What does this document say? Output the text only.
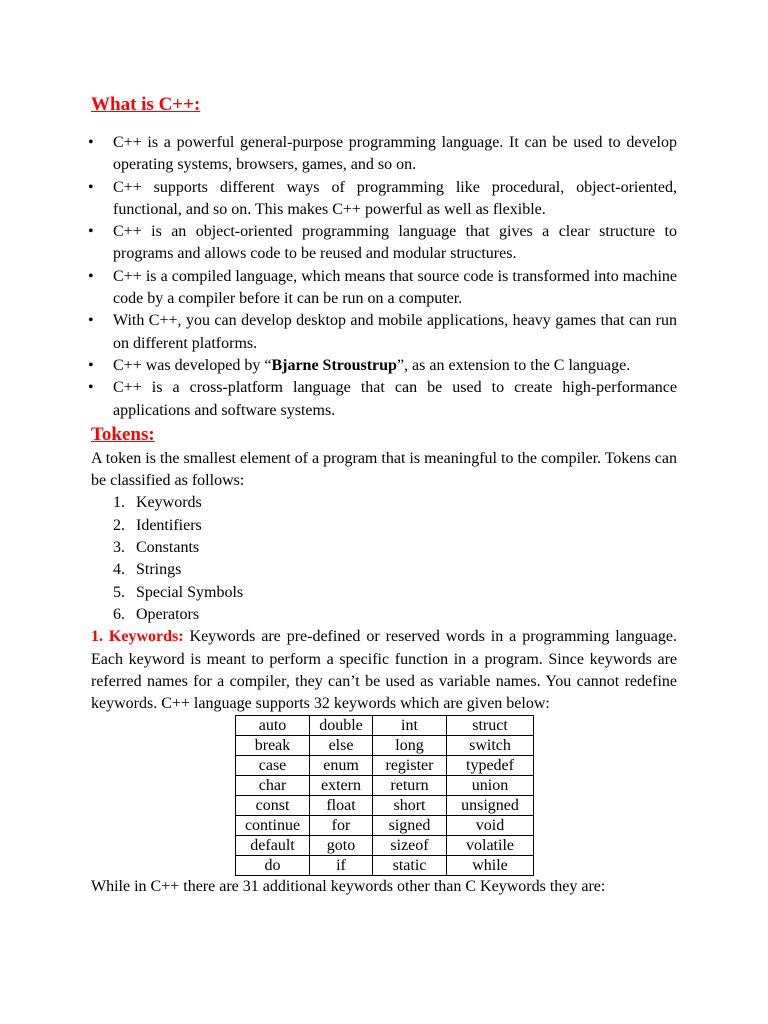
What is C++:
• C++ is a powerful general-purpose programming language. It can be used to develop operating systems, browsers, games, and so on.
• C++ supports different ways of programming like procedural, object-oriented, functional, and so on. This makes C++ powerful as well as flexible.
• C++ is an object-oriented programming language that gives a clear structure to programs and allows code to be reused and modular structures.
• C++ is a compiled language, which means that source code is transformed into machine code by a compiler before it can be run on a computer.
• With C++, you can develop desktop and mobile applications, heavy games that can run on different platforms.
• C++ was developed by “Bjarne Stroustrup”, as an extension to the C language.
• C++ is a cross-platform language that can be used to create high-performance applications and software systems.
Tokens:

A token is the smallest element of a program that is meaningful to the compiler. Tokens can be classified as follows:

1. Keywords
2. Identifiers
3. Constants
4. Strings
5. Special Symbols
6. Operators

1. Keywords: Keywords are pre-defined or reserved words in a programming language. Each keyword is meant to perform a specific function in a program. Since keywords are referred names for a compiler, they can’t be used as variable names. You cannot redefine keywords. C++ language supports 32 keywords which are given below:

auto	double	int	struct
break	else	long	switch
case	enum	register	typedef
char	extern	return	union
const	float	short	unsigned
continue	for	signed	void
default	goto	sizeof	volatile
do	if	static	while

While in C++ there are 31 additional keywords other than C Keywords they are:
